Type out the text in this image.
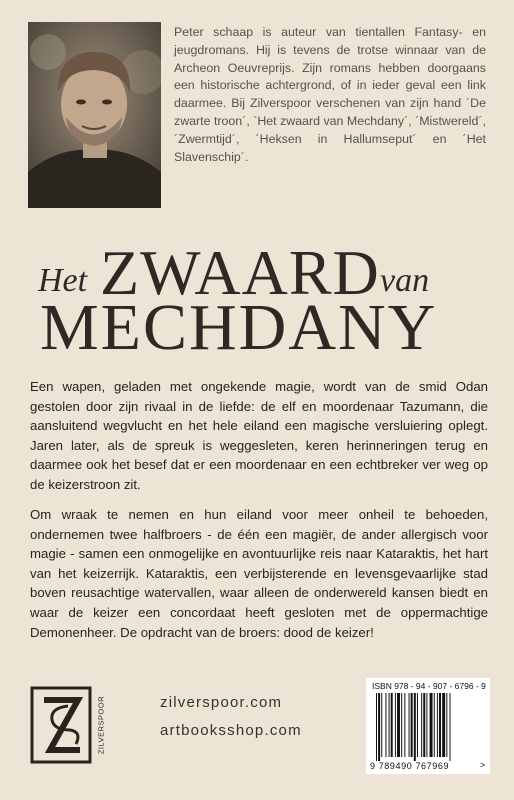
Peter schaap is auteur van tientallen Fantasy- en jeugdromans. Hij is tevens de trotse winnaar van de Archeon Oeuvreprijs. Zijn romans hebben doorgaans een historische achtergrond, of in ieder geval een link daarmee. Bij Zilverspoor verschenen van zijn hand ´De zwarte troon´, `Het zwaard van Mechdany´, ´Mistwereld´, ´Zwermtijd´, ´Heksen in Hallumseput´ en ´Het Slavenschip´.

Het ZWAARD van
MECHDANY

Een wapen, geladen met ongekende magie, wordt van de smid Odan gestolen door zijn rivaal in de liefde: de elf en moordenaar Tazumann, die aansluitend wegvlucht en het hele eiland een magische versluiering oplegt. Jaren later, als de spreuk is weggesleten, keren herinneringen terug en daarmee ook het besef dat er een moordenaar en een echtbreker ver weg op de keizerstroon zit.

Om wraak te nemen en hun eiland voor meer onheil te behoeden, ondernemen twee halfbroers - de één een magiër, de ander allergisch voor magie - samen een onmogelijke en avontuurlijke reis naar Kataraktis, het hart van het keizerrijk. Kataraktis, een verbijsterende en levensgevaarlijke stad boven reusachtige watervallen, waar alleen de onderwereld kansen biedt en waar de keizer een concordaat heeft gesloten met de oppermachtige Demonenheer. De opdracht van de broers: dood de keizer!

ZILVERSPOOR	zilverspoor.com

artbooksshop.com

ISBN 978 - 94 - 907 - 6796 - 9
9 789490 767969	>
